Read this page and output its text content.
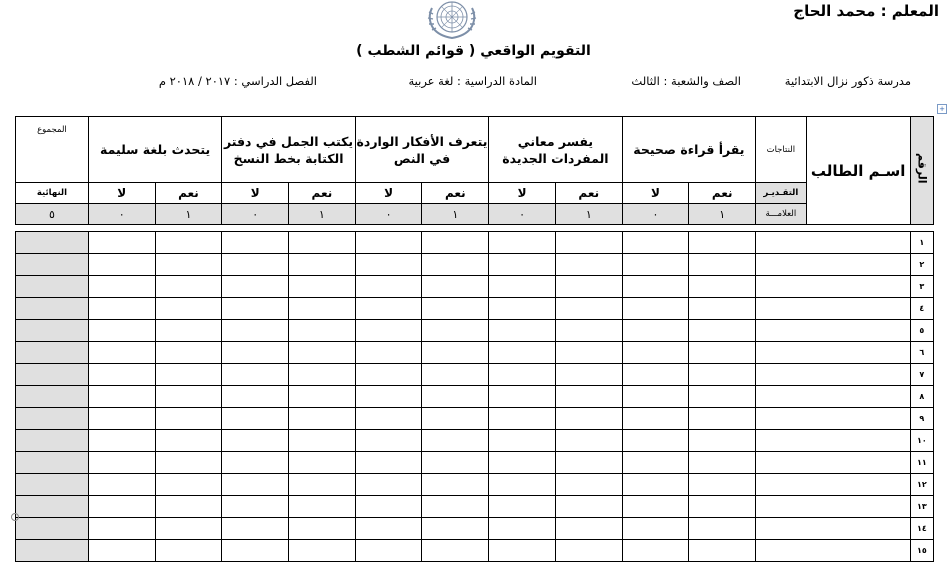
المعلم : محمد الحاج
التقويم الواقعي ( قوائم الشطب )
مدرسة ذكور نزال الابتدائية
الصف والشعبة : الثالث
المادة الدراسية : لغة عربية
الفصل الدراسي : ٢٠١٧ / ٢٠١٨ م
+
الرقم	اسـم الطالب	النتاجات	يقرأ قراءة صحيحة		يفسر معاني المفردات الجديدة		يتعرف الأفكار الواردة في النص		يكتب الجمل في دفتر الكتابة بخط النسخ		يتحدث بلغة سليمة		المجموع
		التقـديـر	نعم	لا	نعم	لا	نعم	لا	نعم	لا	نعم	لا	النهائية
		العلامـــة	١	٠	١	٠	١	٠	١	٠	١	٠	٥

١													
٢													
٣													
٤													
٥													
٦													
٧													
٨													
٩													
١٠													
١١													
١٢													
١٣													
١٤													
١٥													
